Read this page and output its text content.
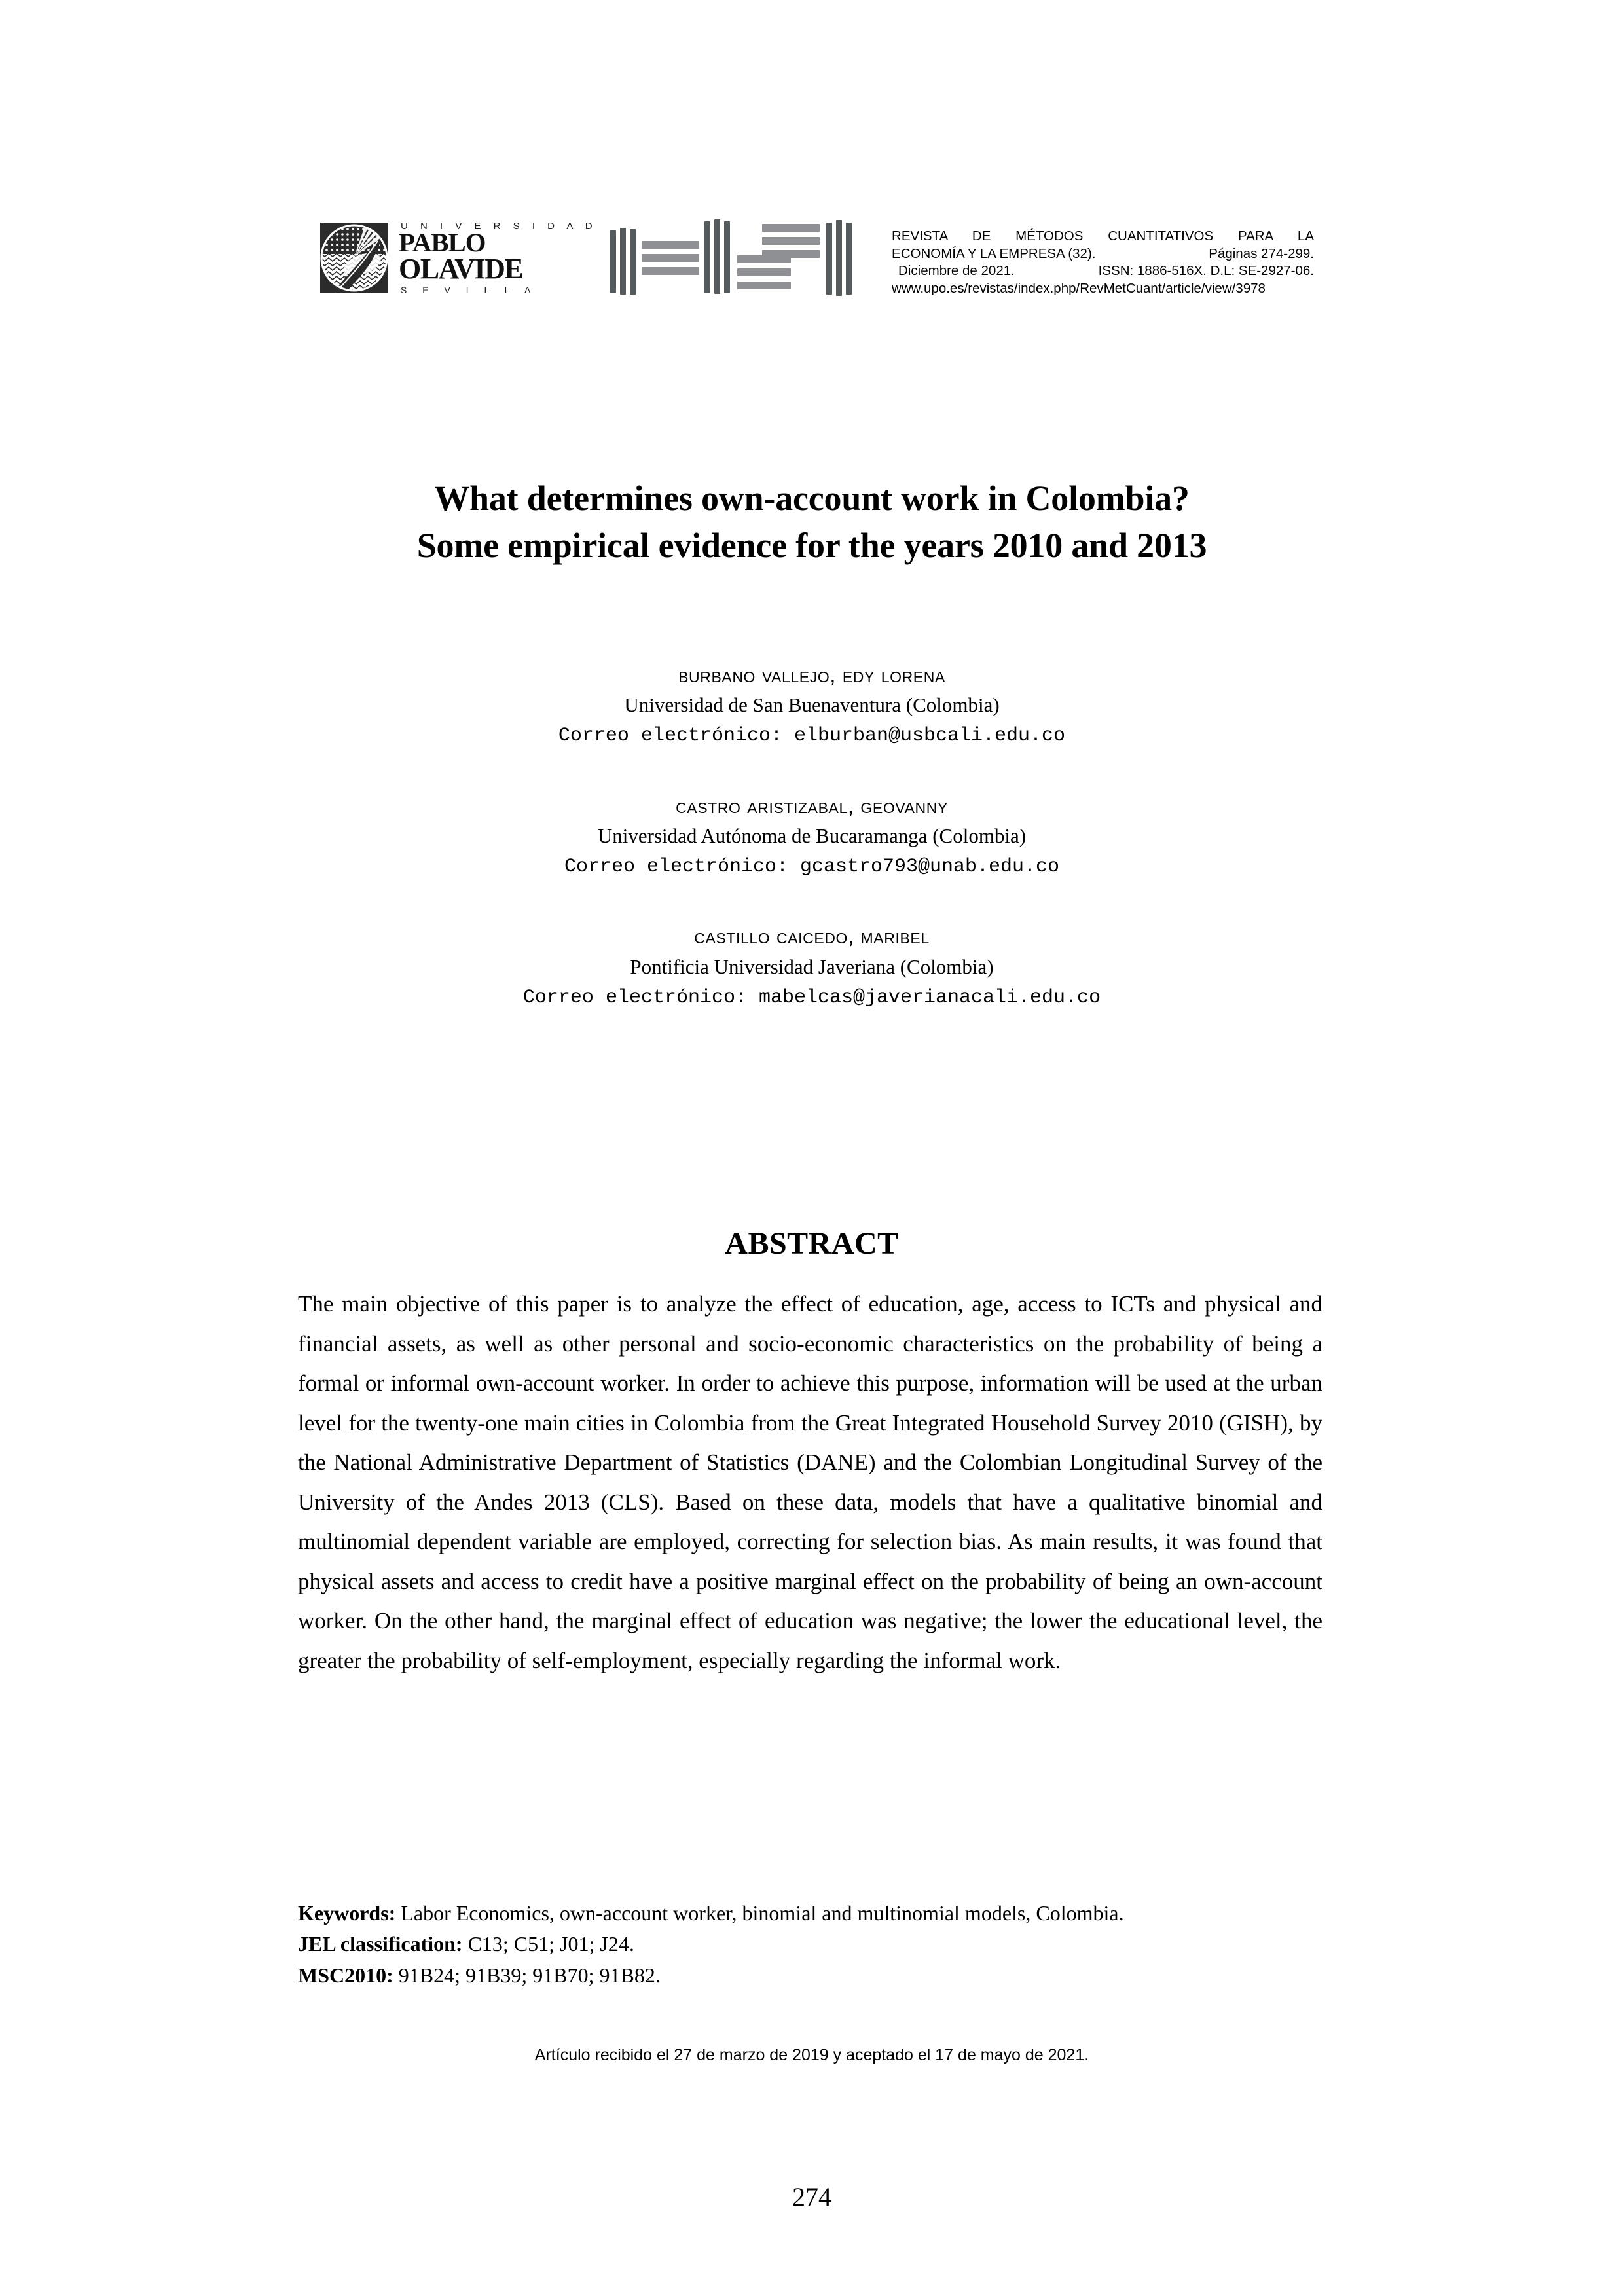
U N I V E R S I D A D
PABLO
OLAVIDE
S E V I L L A
REVISTA DE MÉTODOS CUANTITATIVOS PARA LA
ECONOMÍA Y LA EMPRESA (32).	Páginas 274-299.
Diciembre de 2021.	ISSN: 1886-516X. D.L: SE-2927-06.
www.upo.es/revistas/index.php/RevMetCuant/article/view/3978
What determines own-account work in Colombia? Some empirical evidence for the years 2010 and 2013
burbano vallejo, edy lorena
Universidad de San Buenaventura (Colombia)
Correo electrónico: elburban@usbcali.edu.co
castro aristizabal, geovanny
Universidad Autónoma de Bucaramanga (Colombia)
Correo electrónico: gcastro793@unab.edu.co
castillo caicedo, maribel
Pontificia Universidad Javeriana (Colombia)
Correo electrónico: mabelcas@javerianacali.edu.co
ABSTRACT
The main objective of this paper is to analyze the effect of education, age, access to ICTs and physical and financial assets, as well as other personal and socio-economic characteristics on the probability of being a formal or informal own-account worker. In order to achieve this purpose, information will be used at the urban level for the twenty-one main cities in Colombia from the Great Integrated Household Survey 2010 (GISH), by the National Administrative Department of Statistics (DANE) and the Colombian Longitudinal Survey of the University of the Andes 2013 (CLS). Based on these data, models that have a qualitative binomial and multinomial dependent variable are employed, correcting for selection bias. As main results, it was found that physical assets and access to credit have a positive marginal effect on the probability of being an own-account worker. On the other hand, the marginal effect of education was negative; the lower the educational level, the greater the probability of self-employment, especially regarding the informal work.
Keywords: Labor Economics, own-account worker, binomial and multinomial models, Colombia.
JEL classification: C13; C51; J01; J24.
MSC2010: 91B24; 91B39; 91B70; 91B82.
Artículo recibido el 27 de marzo de 2019 y aceptado el 17 de mayo de 2021.
274
